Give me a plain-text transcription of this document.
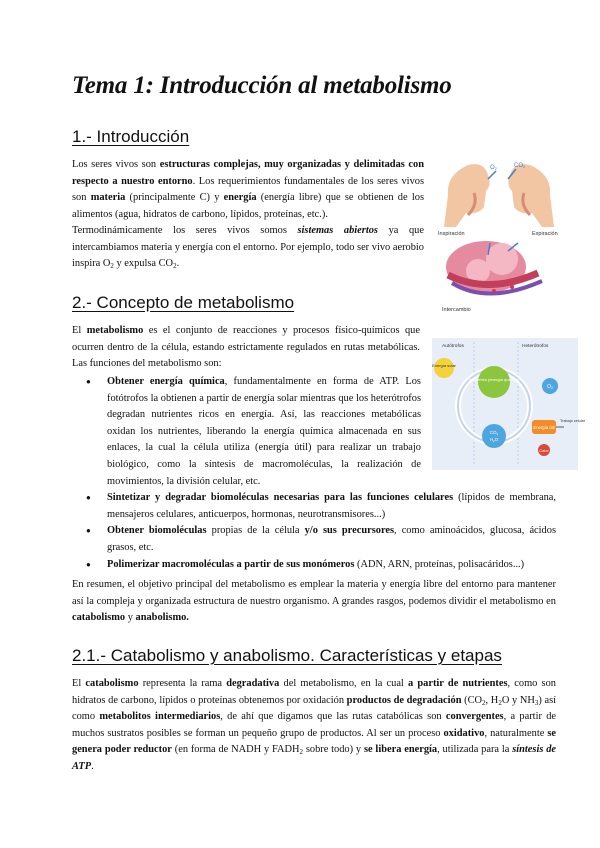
Tema 1: Introducción al metabolismo
1.- Introducción

Los seres vivos son estructuras complejas, muy organizadas y delimitadas con respecto a nuestro entorno. Los requerimientos fundamentales de los seres vivos son materia (principalmente C) y energía (energía libre) que se obtienen de los alimentos (agua, hidratos de carbono, lípidos, proteínas, etc.).

Termodinámicamente los seres vivos somos sistemas abiertos ya que intercambiamos materia y energía con el entorno. Por ejemplo, todo ser vivo aerobio inspira $O_2$ y expulsa $CO_2$.

O2	CO2
Inspiración	Expiración
Intercambio
2.- Concepto de metabolismo

El metabolismo es el conjunto de reacciones y procesos físico-químicos que ocurren dentro de la célula, estando estrictamente regulados en rutas metabólicas. Las funciones del metabolismo son:

Autótrofos	Heterótrofos
Energía solar
Nutrientes (energía química)
$O_2$
$CO_2$
$H_2O$
Energía útil
Trabajo celular
Calor
● Obtener energía química, fundamentalmente en forma de ATP. Los fotótrofos la obtienen a partir de energía solar mientras que los heterótrofos degradan nutrientes ricos en energía. Así, las reacciones metabólicas oxidan los nutrientes, liberando la energía química almacenada en sus enlaces, la cual la célula utiliza (energía útil) para realizar un trabajo biológico, como la síntesis de macromoléculas, la realización de movimientos, la división celular, etc.
● Sintetizar y degradar biomoléculas necesarias para las funciones celulares (lípidos de membrana, mensajeros celulares, anticuerpos, hormonas, neurotransmisores...)
● Obtener biomoléculas propias de la célula y/o sus precursores, como aminoácidos, glucosa, ácidos grasos, etc.
● Polimerizar macromoléculas a partir de sus monómeros (ADN, ARN, proteínas, polisacáridos...)

En resumen, el objetivo principal del metabolismo es emplear la materia y energía libre del entorno para mantener así la compleja y organizada estructura de nuestro organismo. A grandes rasgos, podemos dividir el metabolismo en catabolismo y anabolismo.

2.1.- Catabolismo y anabolismo. Características y etapas

El catabolismo representa la rama degradativa del metabolismo, en la cual a partir de nutrientes, como son hidratos de carbono, lípidos o proteínas obtenemos por oxidación productos de degradación ($CO_2$, $H_2O$ y $NH_3$) así como metabolitos intermediarios, de ahí que digamos que las rutas catabólicas son convergentes, a partir de muchos sustratos posibles se forman un pequeño grupo de productos. Al ser un proceso oxidativo, naturalmente se genera poder reductor (en forma de NADH y $FADH_2$ sobre todo) y se libera energía, utilizada para la síntesis de ATP.
